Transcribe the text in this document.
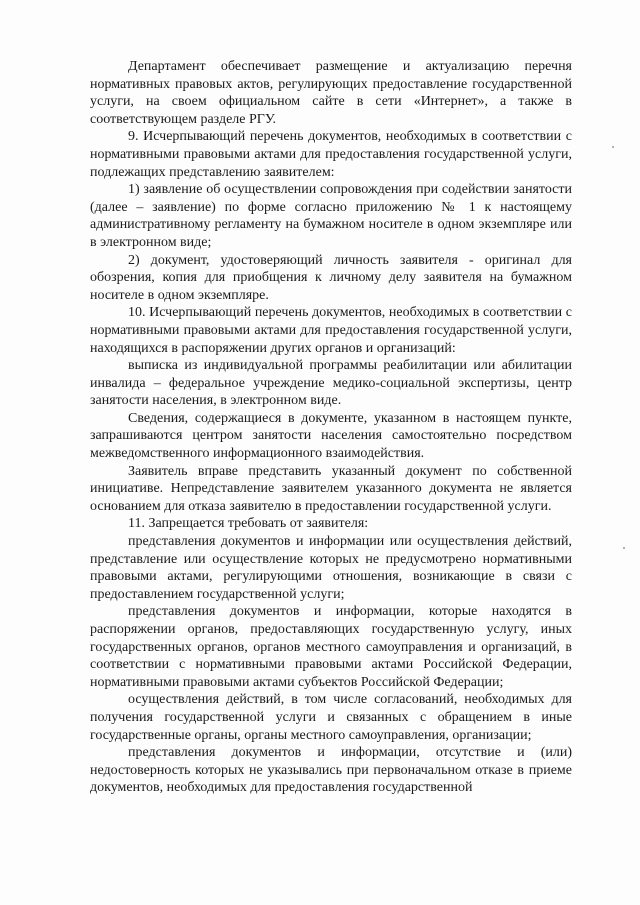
Департамент обеспечивает размещение и актуализацию перечня нормативных правовых актов, регулирующих предоставление государственной услуги, на своем официальном сайте в сети «Интернет», а также в соответствующем разделе РГУ.

9. Исчерпывающий перечень документов, необходимых в соответствии с нормативными правовыми актами для предоставления государственной услуги, подлежащих представлению заявителем:

1) заявление об осуществлении сопровождения при содействии занятости (далее – заявление) по форме согласно приложению № 1 к настоящему административному регламенту на бумажном носителе в одном экземпляре или в электронном виде;

2) документ, удостоверяющий личность заявителя - оригинал для обозрения, копия для приобщения к личному делу заявителя на бумажном носителе в одном экземпляре.

10. Исчерпывающий перечень документов, необходимых в соответствии с нормативными правовыми актами для предоставления государственной услуги, находящихся в распоряжении других органов и организаций:

выписка из индивидуальной программы реабилитации или абилитации инвалида – федеральное учреждение медико-социальной экспертизы, центр занятости населения, в электронном виде.

Сведения, содержащиеся в документе, указанном в настоящем пункте, запрашиваются центром занятости населения самостоятельно посредством межведомственного информационного взаимодействия.

Заявитель вправе представить указанный документ по собственной инициативе. Непредставление заявителем указанного документа не является основанием для отказа заявителю в предоставлении государственной услуги.

11. Запрещается требовать от заявителя:

представления документов и информации или осуществления действий, представление или осуществление которых не предусмотрено нормативными правовыми актами, регулирующими отношения, возникающие в связи с предоставлением государственной услуги;

представления документов и информации, которые находятся в распоряжении органов, предоставляющих государственную услугу, иных государственных органов, органов местного самоуправления и организаций, в соответствии с нормативными правовыми актами Российской Федерации, нормативными правовыми актами субъектов Российской Федерации;

осуществления действий, в том числе согласований, необходимых для получения государственной услуги и связанных с обращением в иные государственные органы, органы местного самоуправления, организации;

представления документов и информации, отсутствие и (или) недостоверность которых не указывались при первоначальном отказе в приеме документов, необходимых для предоставления государственной
